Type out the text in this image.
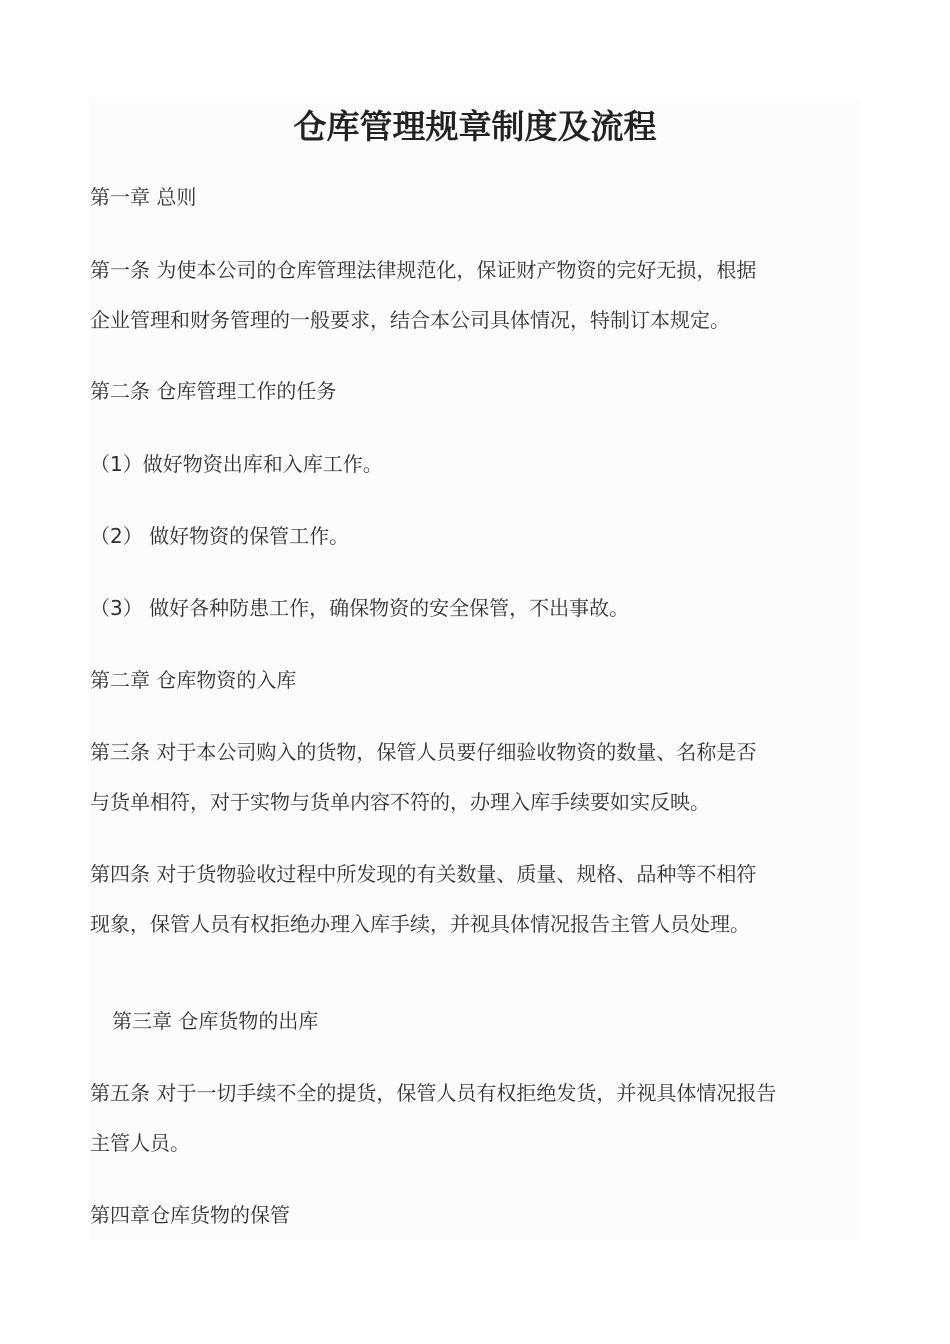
仓库管理规章制度及流程

第一章 总则

第一条 为使本公司的仓库管理法律规范化，保证财产物资的完好无损，根据

企业管理和财务管理的一般要求，结合本公司具体情况，特制订本规定。

第二条 仓库管理工作的任务

（1）做好物资出库和入库工作。

（2） 做好物资的保管工作。

（3） 做好各种防患工作，确保物资的安全保管，不出事故。

第二章 仓库物资的入库

第三条 对于本公司购入的货物，保管人员要仔细验收物资的数量、名称是否

与货单相符，对于实物与货单内容不符的，办理入库手续要如实反映。

第四条 对于货物验收过程中所发现的有关数量、质量、规格、品种等不相符

现象，保管人员有权拒绝办理入库手续，并视具体情况报告主管人员处理。

第三章 仓库货物的出库

第五条 对于一切手续不全的提货，保管人员有权拒绝发货，并视具体情况报告

主管人员。

第四章仓库货物的保管
